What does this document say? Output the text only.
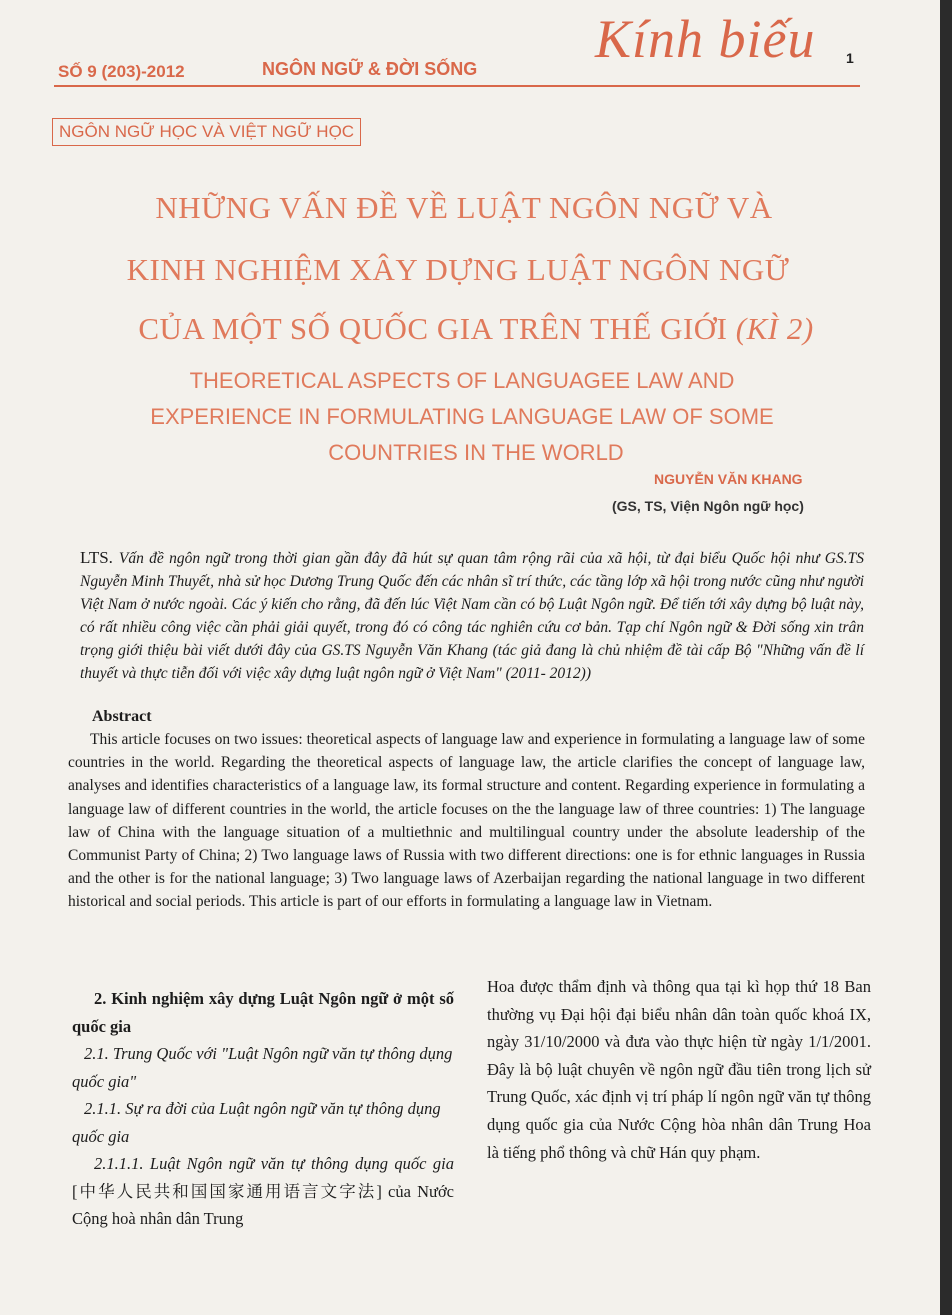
SỐ 9 (203)-2012	NGÔN NGỮ & ĐỜI SỐNG Kính biếu 1
NGÔN NGỮ HỌC VÀ VIỆT NGỮ HỌC
NHỮNG VẤN ĐỀ VỀ LUẬT NGÔN NGỮ VÀ
KINH NGHIỆM XÂY DỰNG LUẬT NGÔN NGỮ
CỦA MỘT SỐ QUỐC GIA TRÊN THẾ GIỚI (KÌ 2)
THEORETICAL ASPECTS OF LANGUAGEE LAW AND
EXPERIENCE IN FORMULATING LANGUAGE LAW OF SOME
COUNTRIES IN THE WORLD
NGUYỄN VĂN KHANG
(GS, TS, Viện Ngôn ngữ học)
LTS. Vấn đề ngôn ngữ trong thời gian gần đây đã hút sự quan tâm rộng rãi của xã hội, từ đại biểu Quốc hội như GS.TS Nguyễn Minh Thuyết, nhà sử học Dương Trung Quốc đến các nhân sĩ trí thức, các tầng lớp xã hội trong nước cũng như người Việt Nam ở nước ngoài. Các ý kiến cho rằng, đã đến lúc Việt Nam cần có bộ Luật Ngôn ngữ. Để tiến tới xây dựng bộ luật này, có rất nhiều công việc cần phải giải quyết, trong đó có công tác nghiên cứu cơ bản. Tạp chí Ngôn ngữ & Đời sống xin trân trọng giới thiệu bài viết dưới đây của GS.TS Nguyễn Văn Khang (tác giả đang là chủ nhiệm đề tài cấp Bộ "Những vấn đề lí thuyết và thực tiễn đối với việc xây dựng luật ngôn ngữ ở Việt Nam" (2011- 2012))
Abstract
This article focuses on two issues: theoretical aspects of language law and experience in formulating a language law of some countries in the world. Regarding the theoretical aspects of language law, the article clarifies the concept of language law, analyses and identifies characteristics of a language law, its formal structure and content. Regarding experience in formulating a language law of different countries in the world, the article focuses on the the language law of three countries: 1) The language law of China with the language situation of a multiethnic and multilingual country under the absolute leadership of the Communist Party of China; 2) Two language laws of Russia with two different directions: one is for ethnic languages in Russia and the other is for the national language; 3) Two language laws of Azerbaijan regarding the national language in two different historical and social periods. This article is part of our efforts in formulating a language law in Vietnam.
2. Kinh nghiệm xây dựng Luật Ngôn ngữ ở một số quốc gia
2.1. Trung Quốc với "Luật Ngôn ngữ văn tự thông dụng quốc gia"
2.1.1. Sự ra đời của Luật ngôn ngữ văn tự thông dụng quốc gia
2.1.1.1. Luật Ngôn ngữ văn tự thông dụng quốc gia [中华人民共和国国家通用语言文字法] của Nước Cộng hoà nhân dân Trung
Hoa được thẩm định và thông qua tại kì họp thứ 18 Ban thường vụ Đại hội đại biểu nhân dân toàn quốc khoá IX, ngày 31/10/2000 và đưa vào thực hiện từ ngày 1/1/2001. Đây là bộ luật chuyên về ngôn ngữ đầu tiên trong lịch sử Trung Quốc, xác định vị trí pháp lí ngôn ngữ văn tự thông dụng quốc gia của Nước Cộng hòa nhân dân Trung Hoa là tiếng phổ thông và chữ Hán quy phạm.
